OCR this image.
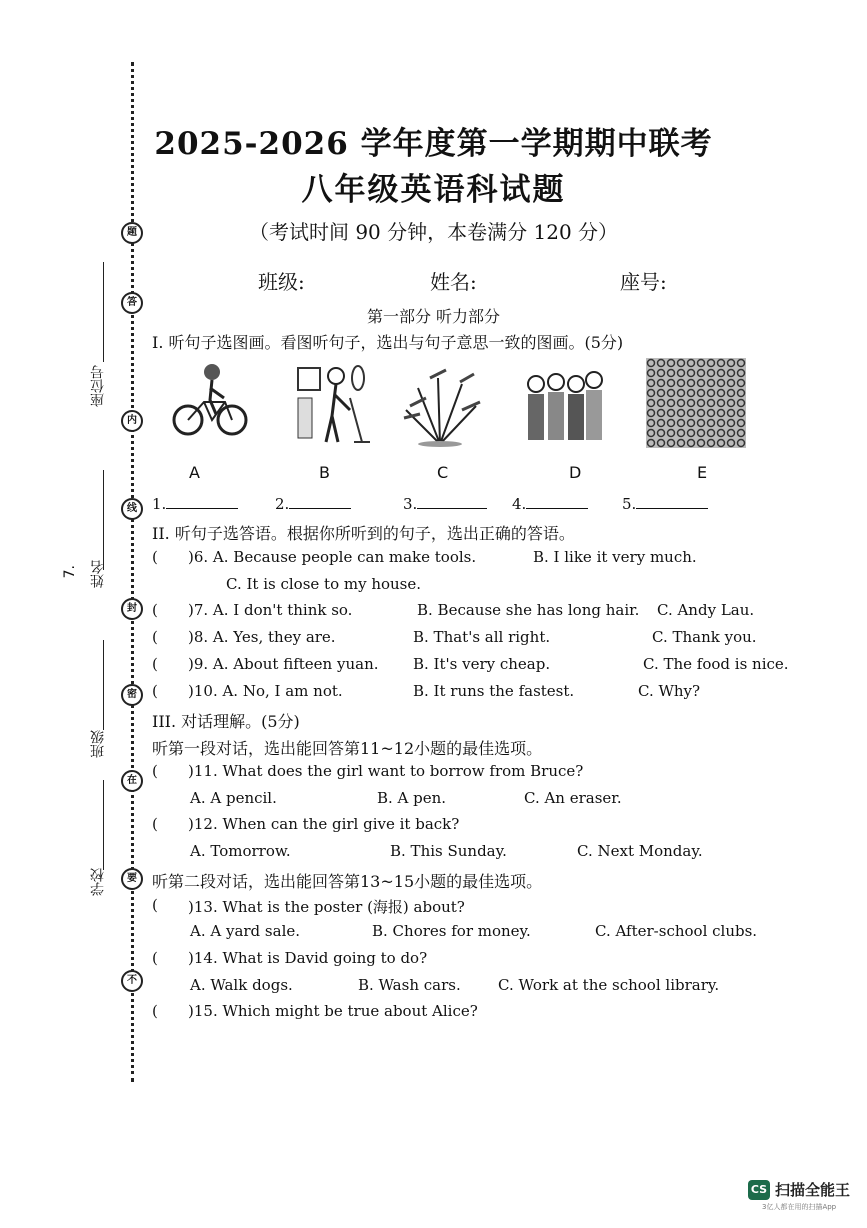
题
答
内
线
封
密
在
要
不
座位号
姓名
7.
班级
学校
2025-2026 学年度第一学期期中联考
八年级英语科试题
（考试时间 90 分钟，本卷满分 120 分）
班级:	姓名:	座号:
第一部分 听力部分
I. 听句子选图画。看图听句子，选出与句子意思一致的图画。(5分)
A	B	C	D	E
1.	2.	3.	4.	5.
II. 听句子选答语。根据你所听到的句子，选出正确的答语。
( )6. A. Because people can make tools.	B. I like it very much.
C. It is close to my house.
( )7. A. I don't think so.	B. Because she has long hair. C. Andy Lau.
( )8. A. Yes, they are.	B. That's all right.	C. Thank you.
( )9. A. About fifteen yuan. B. It's very cheap.	C. The food is nice.
( )10. A. No, I am not.	B. It runs the fastest.	C. Why?
III. 对话理解。(5分)
听第一段对话，选出能回答第11~12小题的最佳选项。
( )11. What does the girl want to borrow from Bruce?
A. A pencil.	B. A pen.	C. An eraser.
( )12. When can the girl give it back?
A. Tomorrow.	B. This Sunday.	C. Next Monday.
听第二段对话，选出能回答第13~15小题的最佳选项。
( )13. What is the poster (海报) about?
A. A yard sale.	B. Chores for money.	C. After-school clubs.
( )14. What is David going to do?
A. Walk dogs.	B. Wash cars. C. Work at the school library.
( )15. Which might be true about Alice?
CS 扫描全能王
3亿人都在用的扫描App
